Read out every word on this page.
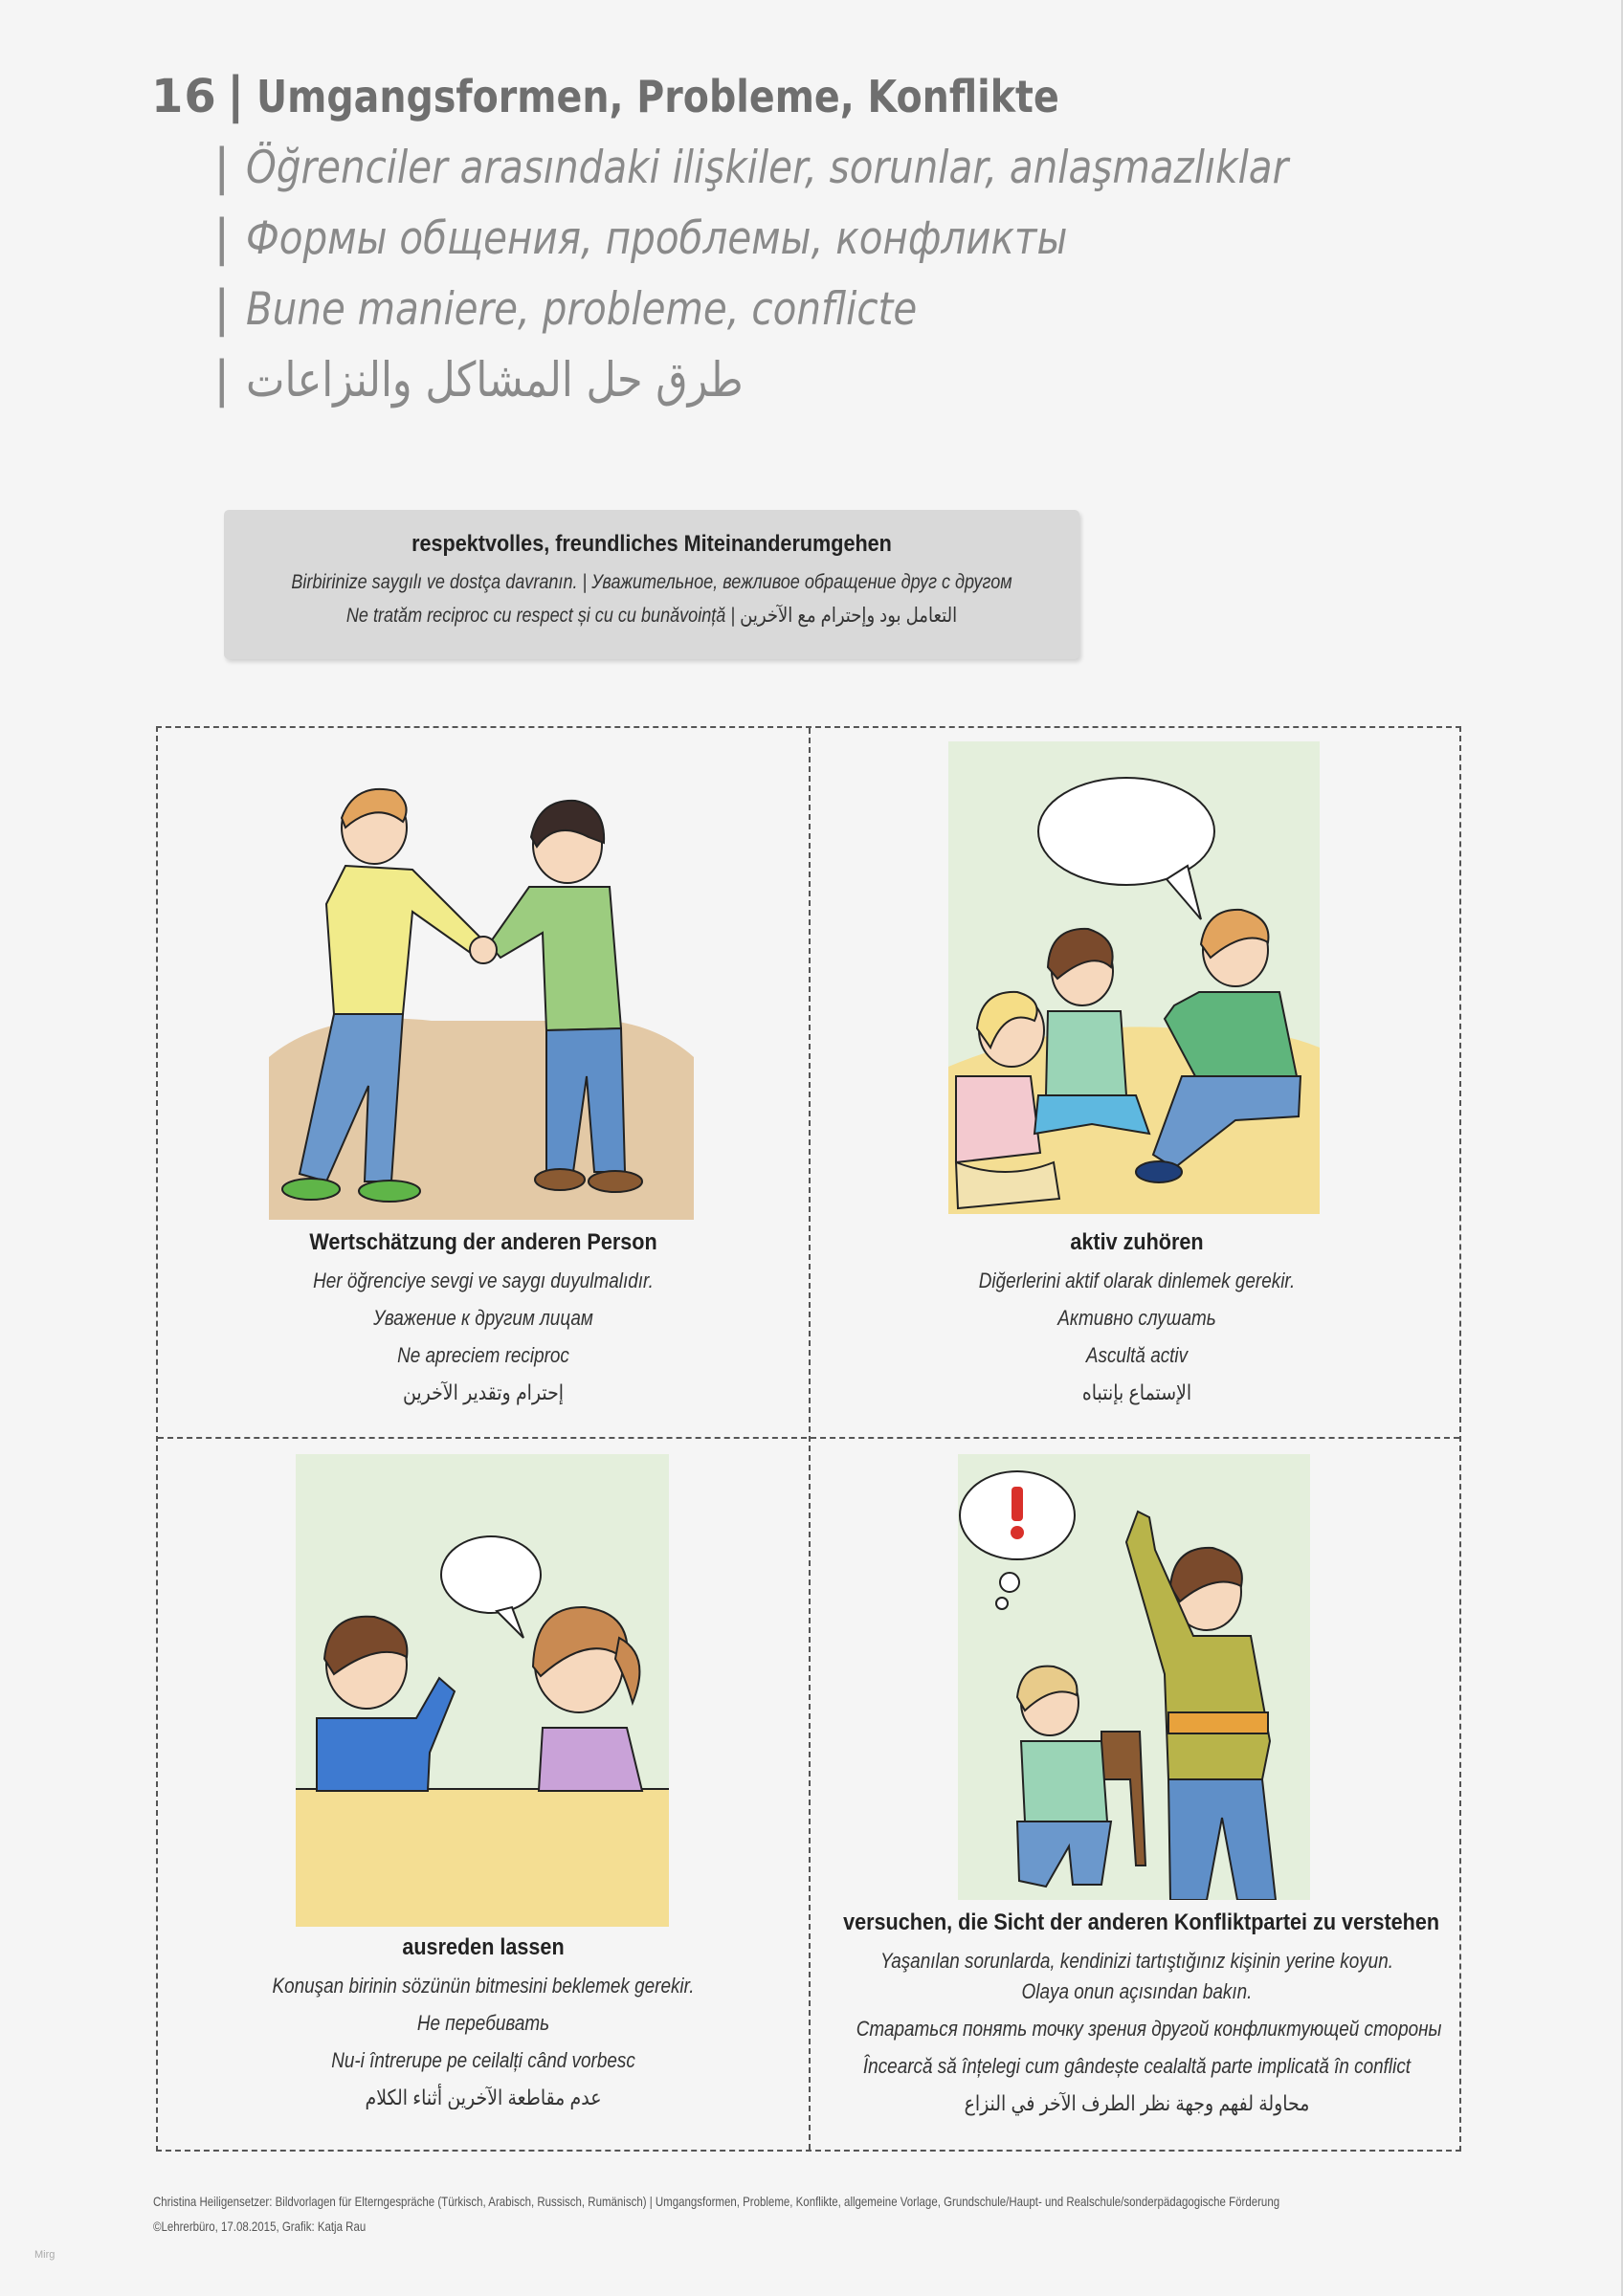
16 | Umgangsformen, Probleme, Konflikte
| Öğrenciler arasındaki ilişkiler, sorunlar, anlaşmazlıklar
| Формы общения, проблемы, конфликты
| Bune maniere, probleme, conflicte
| طرق حل المشاكل والنزاعات
respektvolles, freundliches Miteinanderumgehen
Birbirinize saygılı ve dostça davranın. | Уважительное, вежливое обращение друг с другом
Ne tratăm reciproc cu respect și cu cu bunăvoință | التعامل بود وإحترام مع الآخرين
Wertschätzung der anderen Person
Her öğrenciye sevgi ve saygı duyulmalıdır.
Уважение к другим лицам
Ne apreciem reciproc
إحترام وتقدير الآخرين
aktiv zuhören
Diğerlerini aktif olarak dinlemek gerekir.
Активно слушать
Ascultă activ
الإستماع بإنتباه
ausreden lassen
Konuşan birinin sözünün bitmesini beklemek gerekir.
Не перебивать
Nu-i întrerupe pe ceilalți când vorbesc
عدم مقاطعة الآخرين أثناء الكلام
versuchen, die Sicht der anderen Konfliktpartei zu verstehen
Yaşanılan sorunlarda, kendinizi tartıştığınız kişinin yerine koyun.
Olaya onun açısından bakın.
Стараться понять точку зрения другой конфликтующей стороны
Încearcă să înțelegi cum gândește cealaltă parte implicată în conflict
محاولة لفهم وجهة نظر الطرف الآخر في النزاع
Christina Heiligensetzer: Bildvorlagen für Elterngespräche (Türkisch, Arabisch, Russisch, Rumänisch) | Umgangsformen, Probleme, Konflikte, allgemeine Vorlage, Grundschule/Haupt- und Realschule/sonderpädagogische Förderung
©Lehrerbüro, 17.08.2015, Grafik: Katja Rau
Mirg
